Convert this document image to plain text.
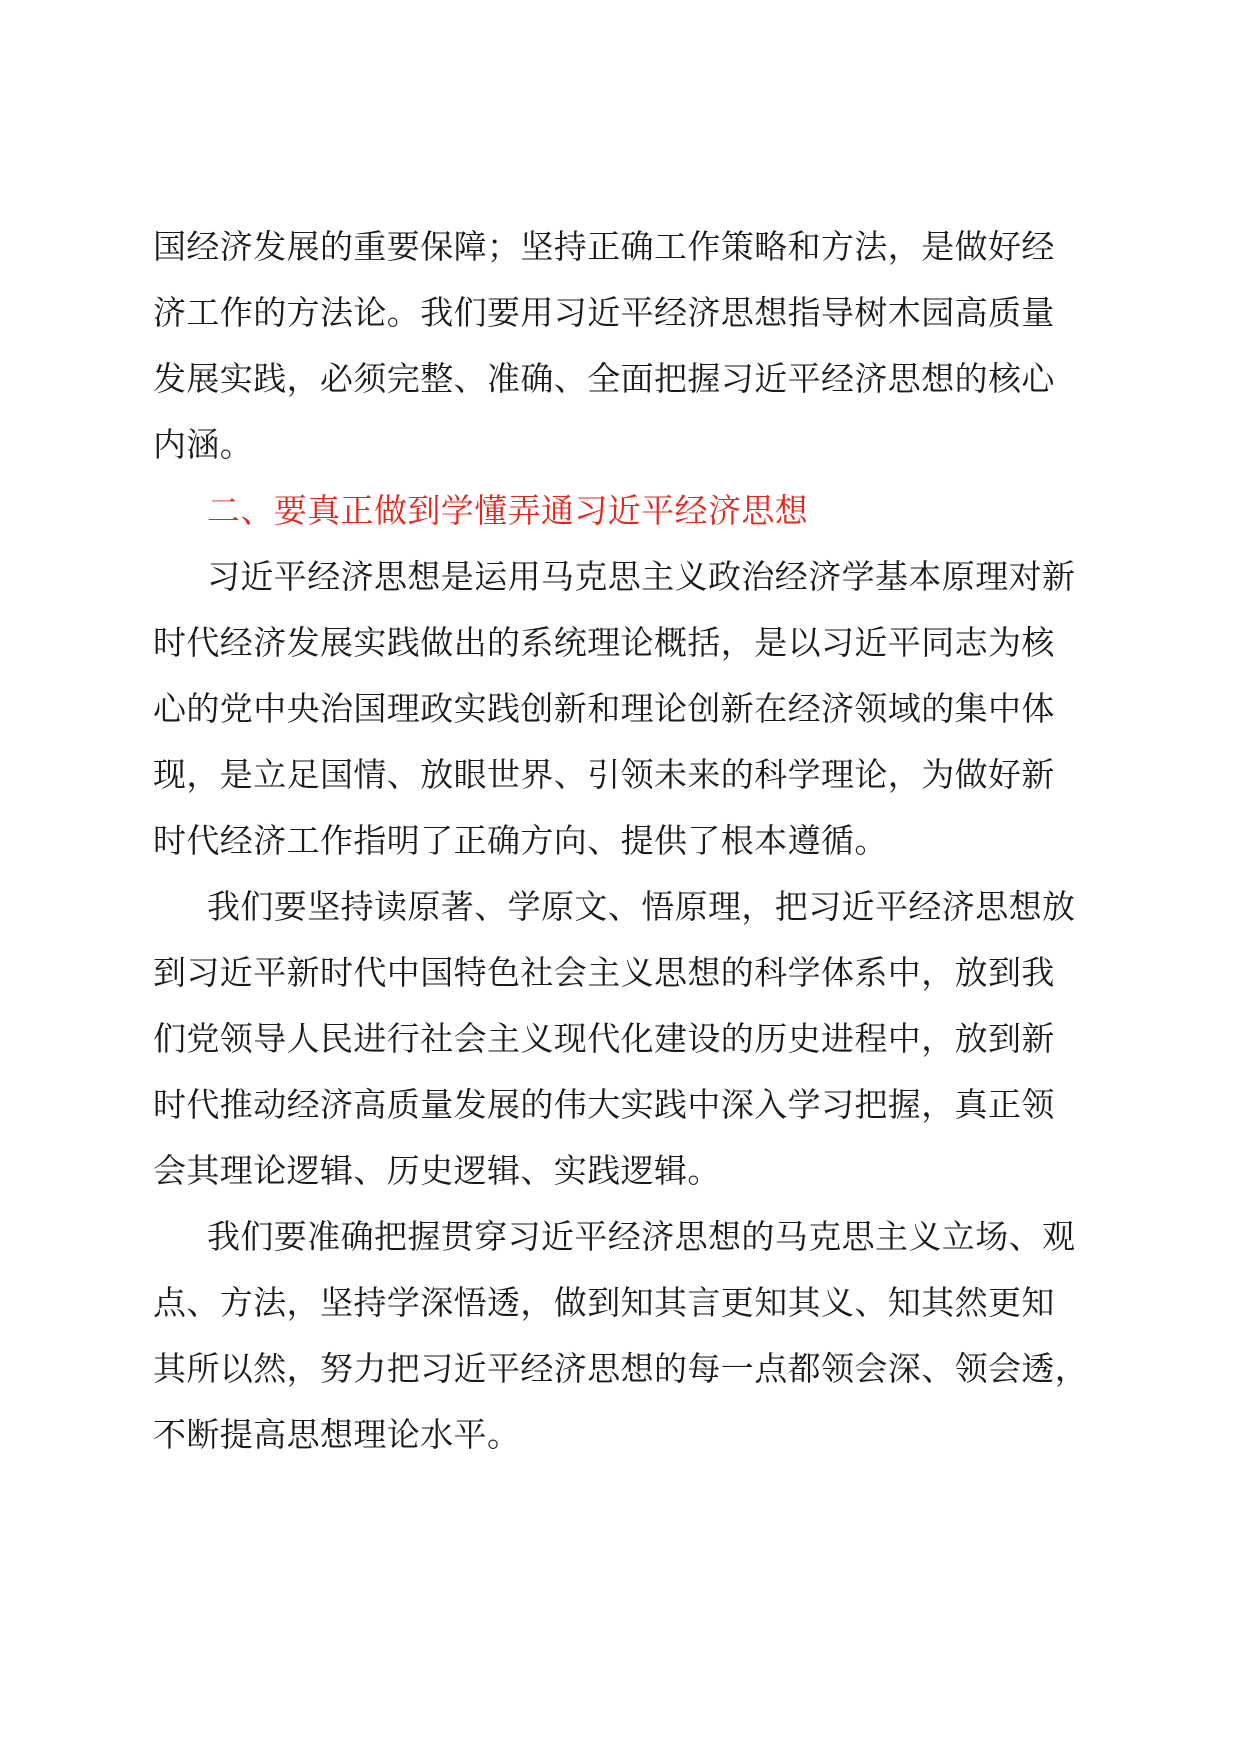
国经济发展的重要保障；坚持正确工作策略和方法，是做好经
济工作的方法论。我们要用习近平经济思想指导树木园高质量
发展实践，必须完整、准确、全面把握习近平经济思想的核心
内涵。
二、要真正做到学懂弄通习近平经济思想
习近平经济思想是运用马克思主义政治经济学基本原理对新
时代经济发展实践做出的系统理论概括，是以习近平同志为核
心的党中央治国理政实践创新和理论创新在经济领域的集中体
现，是立足国情、放眼世界、引领未来的科学理论，为做好新
时代经济工作指明了正确方向、提供了根本遵循。
我们要坚持读原著、学原文、悟原理，把习近平经济思想放
到习近平新时代中国特色社会主义思想的科学体系中，放到我
们党领导人民进行社会主义现代化建设的历史进程中，放到新
时代推动经济高质量发展的伟大实践中深入学习把握，真正领
会其理论逻辑、历史逻辑、实践逻辑。
我们要准确把握贯穿习近平经济思想的马克思主义立场、观
点、方法，坚持学深悟透，做到知其言更知其义、知其然更知
其所以然，努力把习近平经济思想的每一点都领会深、领会透，
不断提高思想理论水平。
